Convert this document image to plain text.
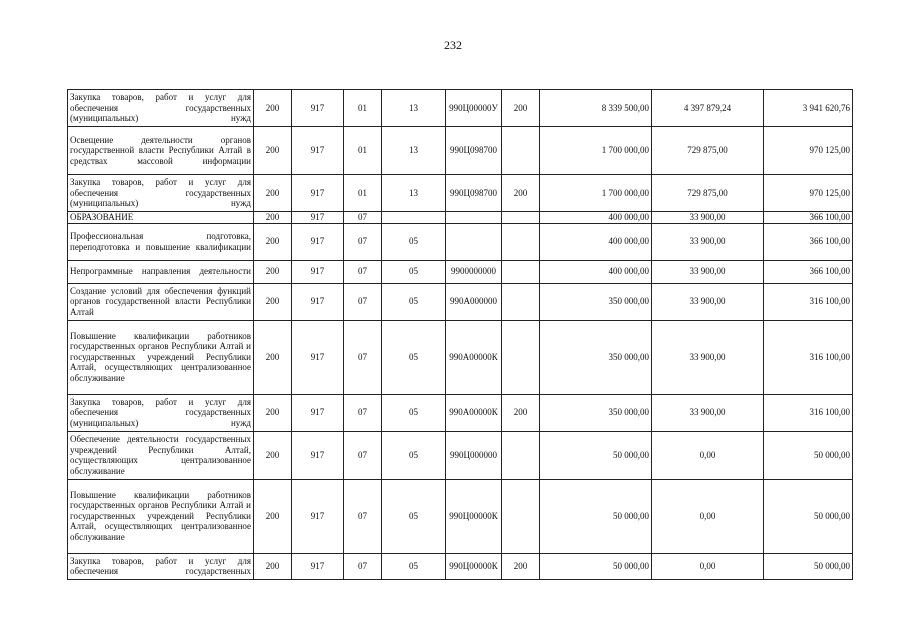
232
Закупка товаров, работ и услуг для обеспечения государственных (муниципальных) нужд	200	917	01	13	990Ц00000У	200	8 339 500,00	4 397 879,24	3 941 620,76
Освещение деятельности органов государственной власти Республики Алтай в средствах массовой информации	200	917	01	13	990Ц098700		1 700 000,00	729 875,00	970 125,00
Закупка товаров, работ и услуг для обеспечения государственных (муниципальных) нужд	200	917	01	13	990Ц098700	200	1 700 000,00	729 875,00	970 125,00
ОБРАЗОВАНИЕ	200	917	07				400 000,00	33 900,00	366 100,00
Профессиональная подготовка, переподготовка и повышение квалификации	200	917	07	05			400 000,00	33 900,00	366 100,00
Непрограммные направления деятельности	200	917	07	05	9900000000		400 000,00	33 900,00	366 100,00
Создание условий для обеспечения функций органов государственной власти Республики Алтай	200	917	07	05	990А000000		350 000,00	33 900,00	316 100,00
Повышение квалификации работников государственных органов Республики Алтай и государственных учреждений Республики Алтай, осуществляющих централизованное обслуживание	200	917	07	05	990А00000К		350 000,00	33 900,00	316 100,00
Закупка товаров, работ и услуг для обеспечения государственных (муниципальных) нужд	200	917	07	05	990А00000К	200	350 000,00	33 900,00	316 100,00
Обеспечение деятельности государственных учреждений Республики Алтай, осуществляющих централизованное обслуживание	200	917	07	05	990Ц000000		50 000,00	0,00	50 000,00
Повышение квалификации работников государственных органов Республики Алтай и государственных учреждений Республики Алтай, осуществляющих централизованное обслуживание	200	917	07	05	990Ц00000К		50 000,00	0,00	50 000,00
Закупка товаров, работ и услуг для обеспечения государственных	200	917	07	05	990Ц00000К	200	50 000,00	0,00	50 000,00
